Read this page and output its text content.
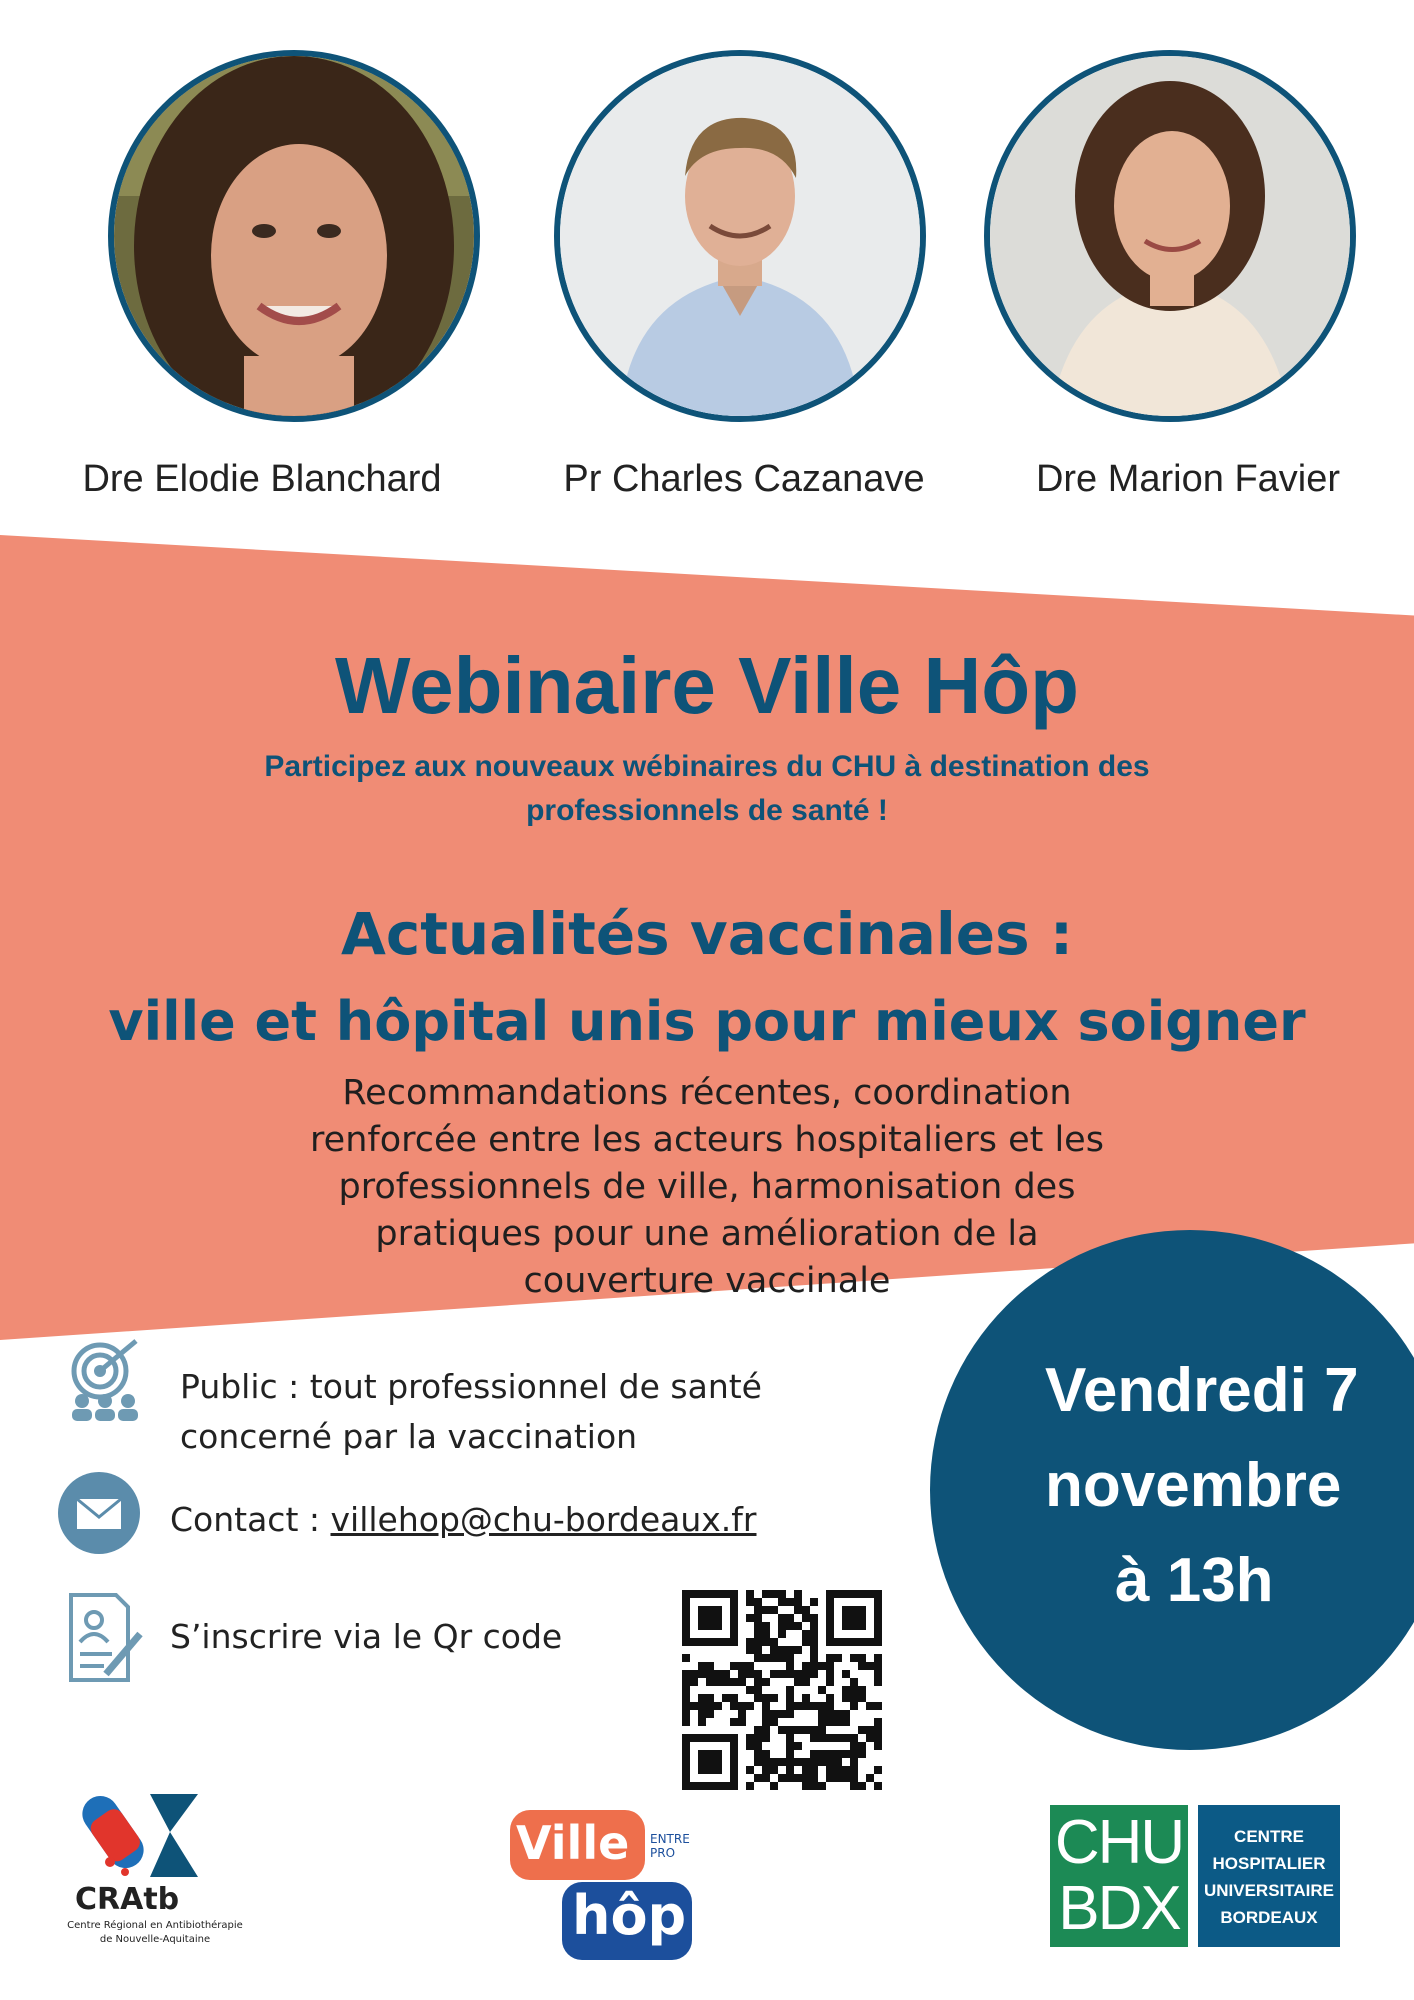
Dre Elodie Blanchard	Pr Charles Cazanave	Dre Marion Favier
Webinaire Ville Hôp
Participez aux nouveaux wébinaires du CHU à destination des
professionnels de santé !
Actualités vaccinales :
ville et hôpital unis pour mieux soigner
Recommandations récentes, coordination
renforcée entre les acteurs hospitaliers et les
professionnels de ville, harmonisation des
pratiques pour une amélioration de la
couverture vaccinale
Vendredi 7
novembre
à 13h
Public : tout professionnel de santé
concerné par la vaccination
Contact : villehop@chu-bordeaux.fr
S’inscrire via le Qr code
CRAtb
Centre Régional en Antibiothérapie
de Nouvelle-Aquitaine
Ville ENTRE
PRO
hôp
CHU
BDX
CENTRE
HOSPITALIER
UNIVERSITAIRE
BORDEAUX
